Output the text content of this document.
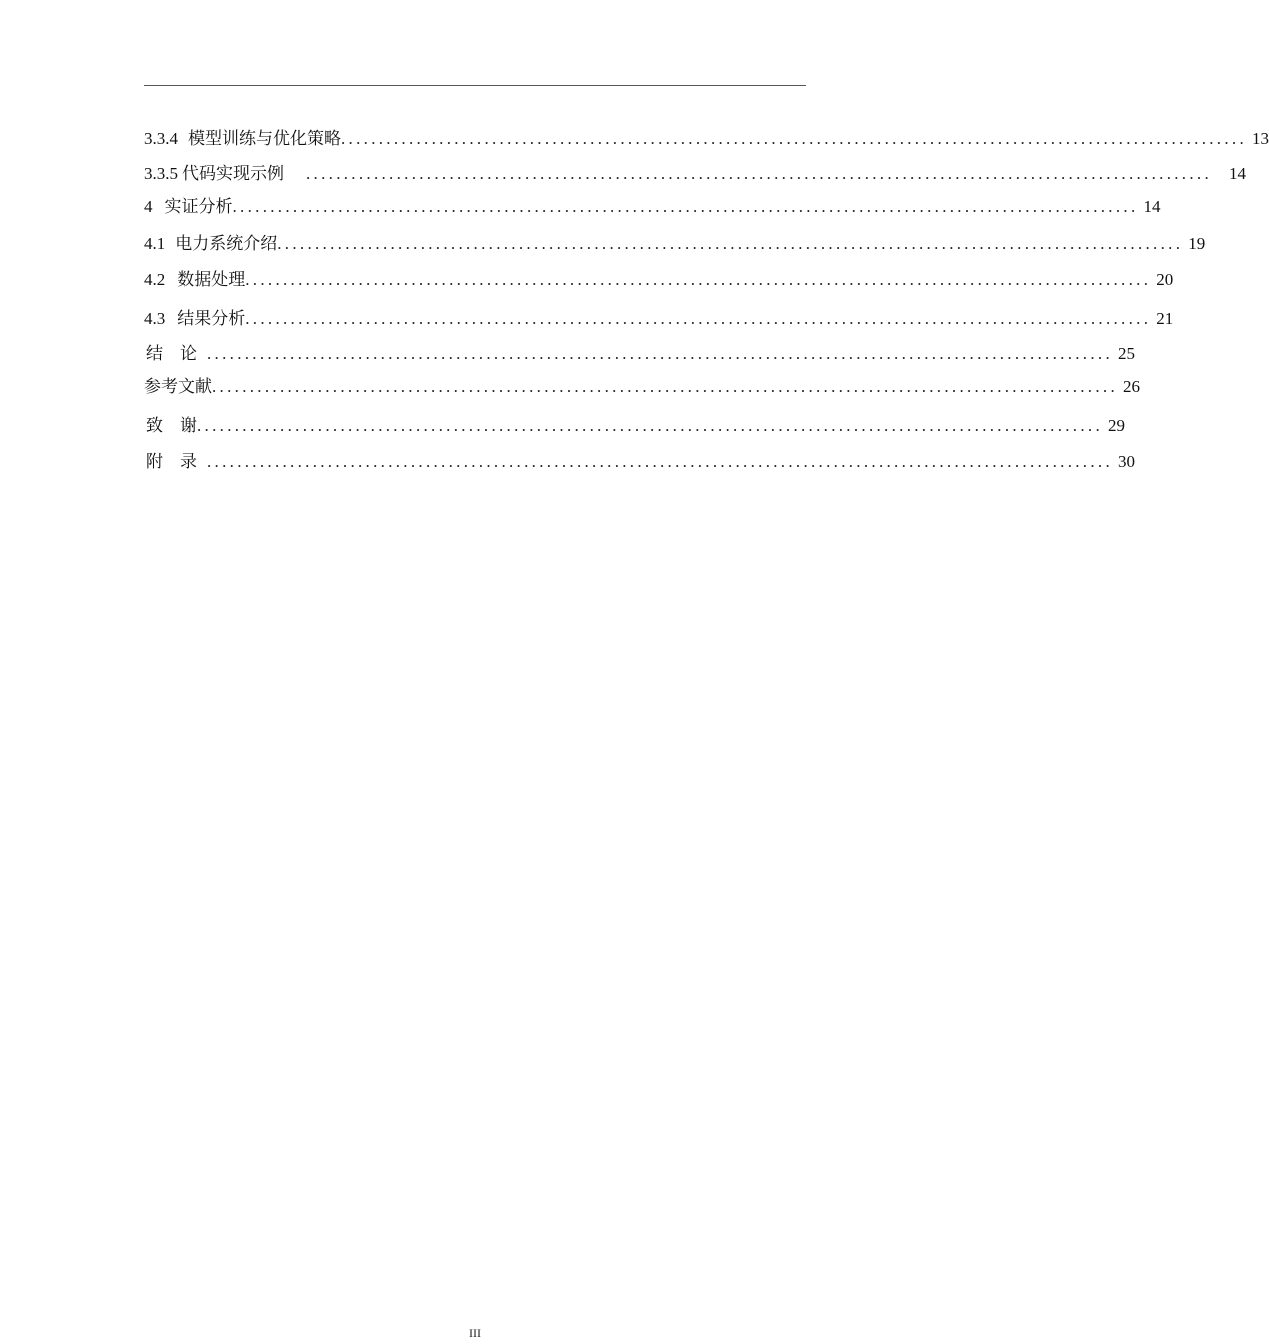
3.3.4 模型训练与优化策略 ........................................................................................................................ 13
3.3.5 代码实现示例	........................................................................................................................ 14
4 实证分析 ........................................................................................................................ 14
4.1 电力系统介绍 ........................................................................................................................ 19
4.2 数据处理 ........................................................................................................................ 20
4.3 结果分析 ........................................................................................................................ 21
结　论 ........................................................................................................................ 25
参考文献 ........................................................................................................................ 26
致　谢 ........................................................................................................................ 29
附　录 ........................................................................................................................ 30
III
